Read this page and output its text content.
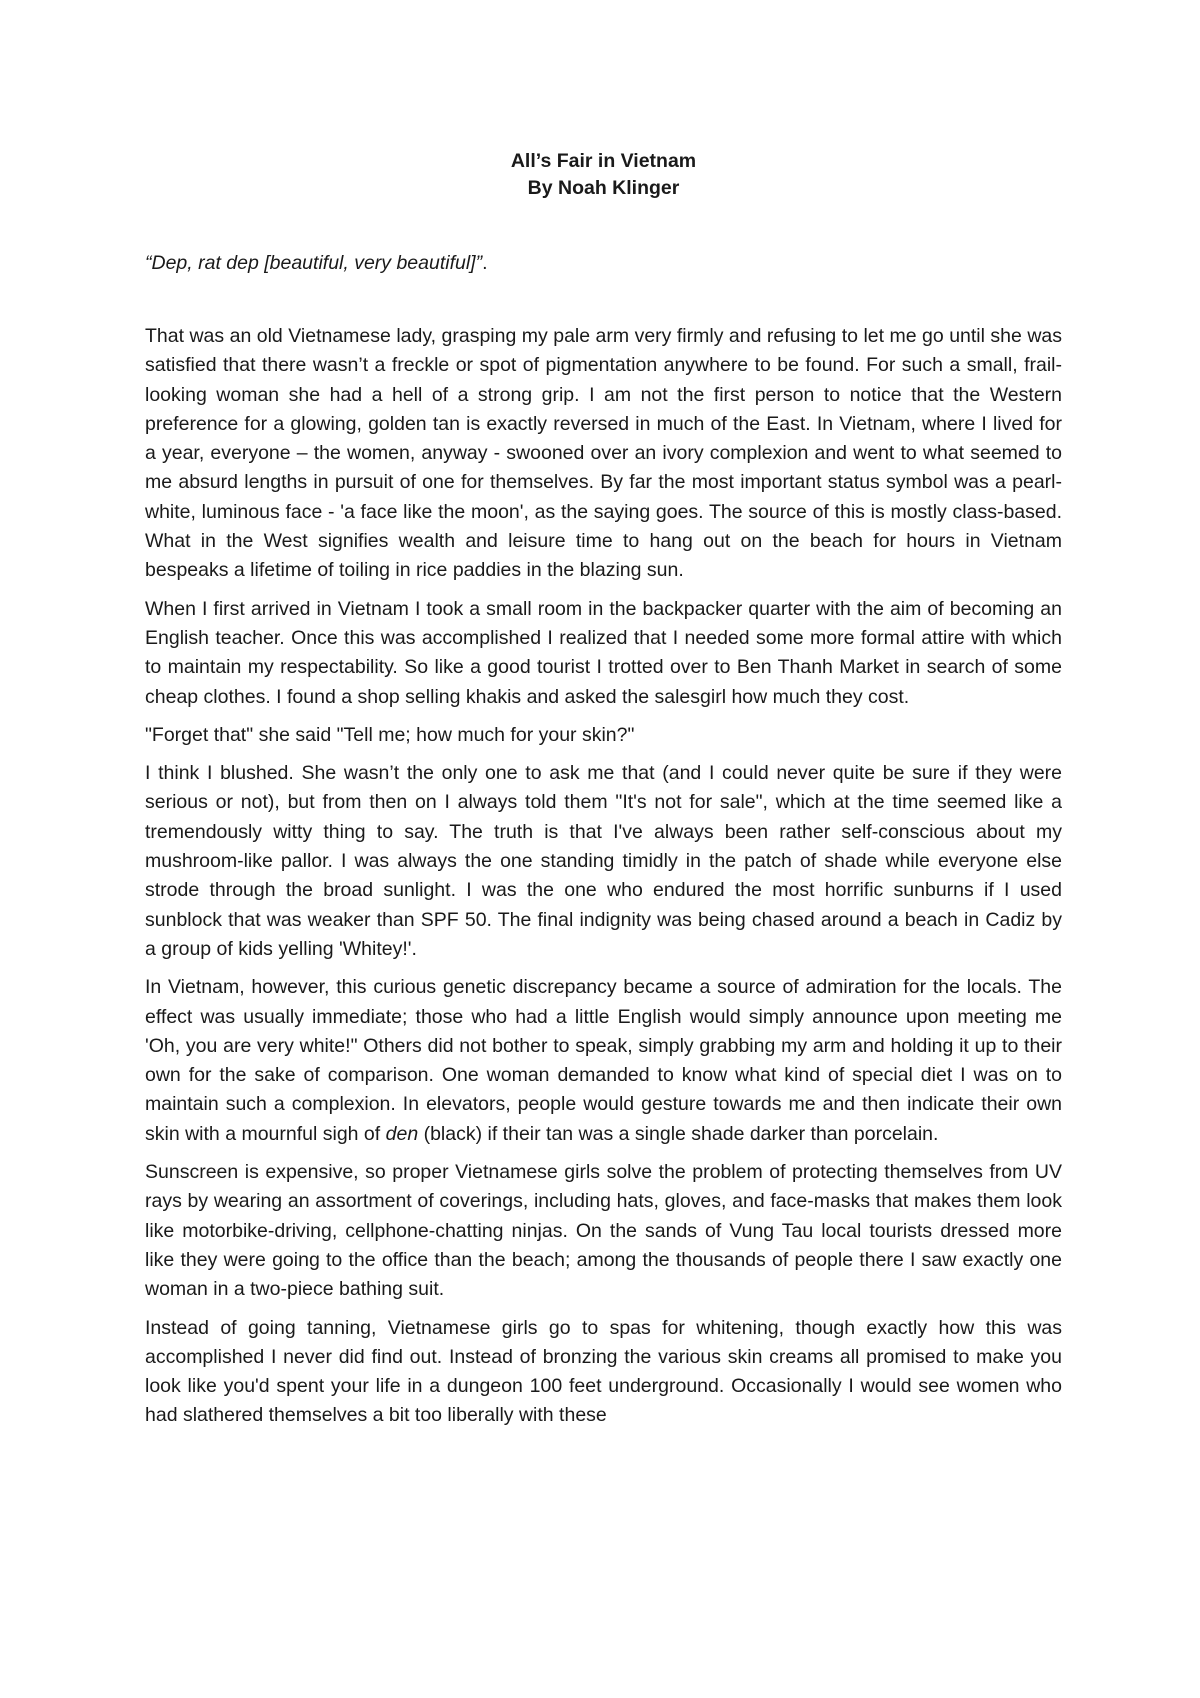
All’s Fair in Vietnam

By Noah Klinger

“Dep, rat dep [beautiful, very beautiful]”.

That was an old Vietnamese lady, grasping my pale arm very firmly and refusing to let me go until she was satisfied that there wasn’t a freckle or spot of pigmentation anywhere to be found. For such a small, frail-looking woman she had a hell of a strong grip. I am not the first person to notice that the Western preference for a glowing, golden tan is exactly reversed in much of the East. In Vietnam, where I lived for a year, everyone – the women, anyway - swooned over an ivory complexion and went to what seemed to me absurd lengths in pursuit of one for themselves. By far the most important status symbol was a pearl-white, luminous face - 'a face like the moon', as the saying goes. The source of this is mostly class-based. What in the West signifies wealth and leisure time to hang out on the beach for hours in Vietnam bespeaks a lifetime of toiling in rice paddies in the blazing sun.

When I first arrived in Vietnam I took a small room in the backpacker quarter with the aim of becoming an English teacher. Once this was accomplished I realized that I needed some more formal attire with which to maintain my respectability. So like a good tourist I trotted over to Ben Thanh Market in search of some cheap clothes. I found a shop selling khakis and asked the salesgirl how much they cost.

"Forget that" she said "Tell me; how much for your skin?"

I think I blushed. She wasn’t the only one to ask me that (and I could never quite be sure if they were serious or not), but from then on I always told them "It's not for sale", which at the time seemed like a tremendously witty thing to say. The truth is that I've always been rather self-conscious about my mushroom-like pallor. I was always the one standing timidly in the patch of shade while everyone else strode through the broad sunlight. I was the one who endured the most horrific sunburns if I used sunblock that was weaker than SPF 50. The final indignity was being chased around a beach in Cadiz by a group of kids yelling 'Whitey!'.

In Vietnam, however, this curious genetic discrepancy became a source of admiration for the locals. The effect was usually immediate; those who had a little English would simply announce upon meeting me 'Oh, you are very white!" Others did not bother to speak, simply grabbing my arm and holding it up to their own for the sake of comparison. One woman demanded to know what kind of special diet I was on to maintain such a complexion. In elevators, people would gesture towards me and then indicate their own skin with a mournful sigh of den (black) if their tan was a single shade darker than porcelain.

Sunscreen is expensive, so proper Vietnamese girls solve the problem of protecting themselves from UV rays by wearing an assortment of coverings, including hats, gloves, and face-masks that makes them look like motorbike-driving, cellphone-chatting ninjas. On the sands of Vung Tau local tourists dressed more like they were going to the office than the beach; among the thousands of people there I saw exactly one woman in a two-piece bathing suit.

Instead of going tanning, Vietnamese girls go to spas for whitening, though exactly how this was accomplished I never did find out. Instead of bronzing the various skin creams all promised to make you look like you'd spent your life in a dungeon 100 feet underground. Occasionally I would see women who had slathered themselves a bit too liberally with these
